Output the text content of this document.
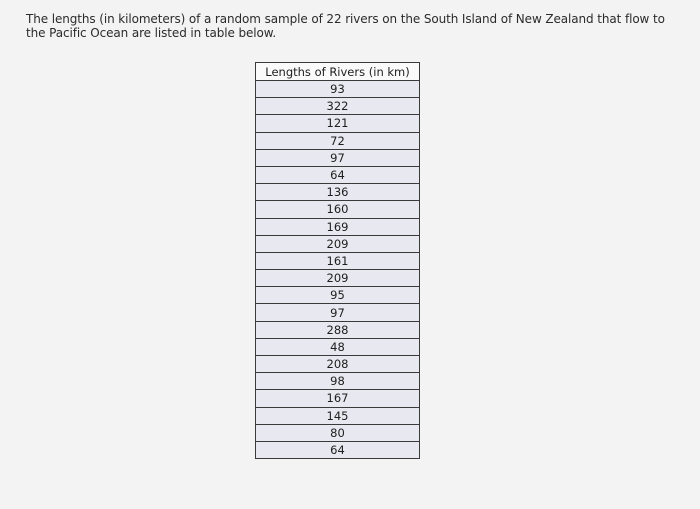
The lengths (in kilometers) of a random sample of 22 rivers on the South Island of New Zealand that flow to
the Pacific Ocean are listed in table below.
Lengths of Rivers (in km)
93
322
121
72
97
64
136
160
169
209
161
209
95
97
288
48
208
98
167
145
80
64
